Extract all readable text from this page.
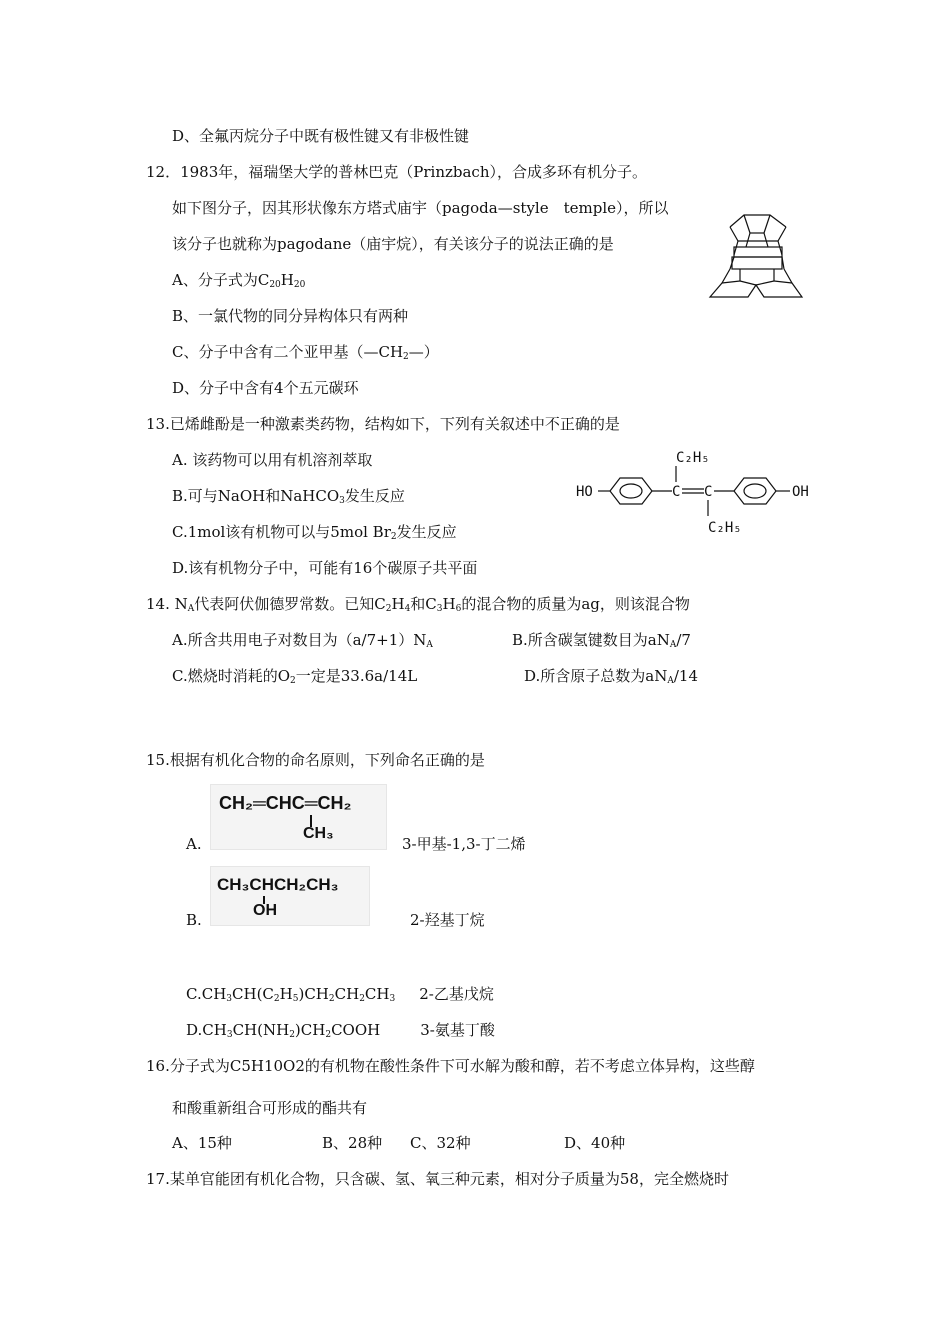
D、全氟丙烷分子中既有极性键又有非极性键
12．1983年，福瑞堡大学的普林巴克（Prinzbach），合成多环有机分子。
如下图分子，因其形状像东方塔式庙宇（pagoda—style　temple），所以
该分子也就称为pagodane（庙宇烷），有关该分子的说法正确的是
A、分子式为$C_{20}H_{20}$
B、一氯代物的同分异构体只有两种
C、分子中含有二个亚甲基$(—CH_2—)$
D、分子中含有4个五元碳环
13.已烯雌酚是一种激素类药物，结构如下，下列有关叙述中不正确的是
A. 该药物可以用有机溶剂萃取
B.可与NaOH和NaHCO$_3$发生反应
C.1mol该有机物可以与5mol $Br_2$发生反应
D.该有机物分子中，可能有16个碳原子共平面
HO	C C	OH
C₂H₅
C₂H₅
14. $N_A$代表阿伏伽德罗常数。已知$C_2H_4$和$C_3H_6$的混合物的质量为ag，则该混合物
A.所含共用电子对数目为$(a/7+1)N_A$	B.所含碳氢键数目为$aN_A/7$
C.燃烧时消耗的$O_2$一定是33.6a/14L	D.所含原子总数为$aN_A/14$
15.根据有机化合物的命名原则，下列命名正确的是
CH₂═CHC═CH₂
CH₃
A.	3-甲基-1,3-丁二烯
CH₃CHCH₂CH₃
OH
B.	2-羟基丁烷
$C.CH_3CH(C_2H_5)CH_2CH_2CH_3$ 2-乙基戊烷
$D.CH_3CH(NH_2)CH_2COOH$	3-氨基丁酸
16.分子式为C5H10O2的有机物在酸性条件下可水解为酸和醇，若不考虑立体异构，这些醇
和酸重新组合可形成的酯共有
A、15种	B、28种 C、32种	D、40种
17.某单官能团有机化合物，只含碳、氢、氧三种元素，相对分子质量为58，完全燃烧时
